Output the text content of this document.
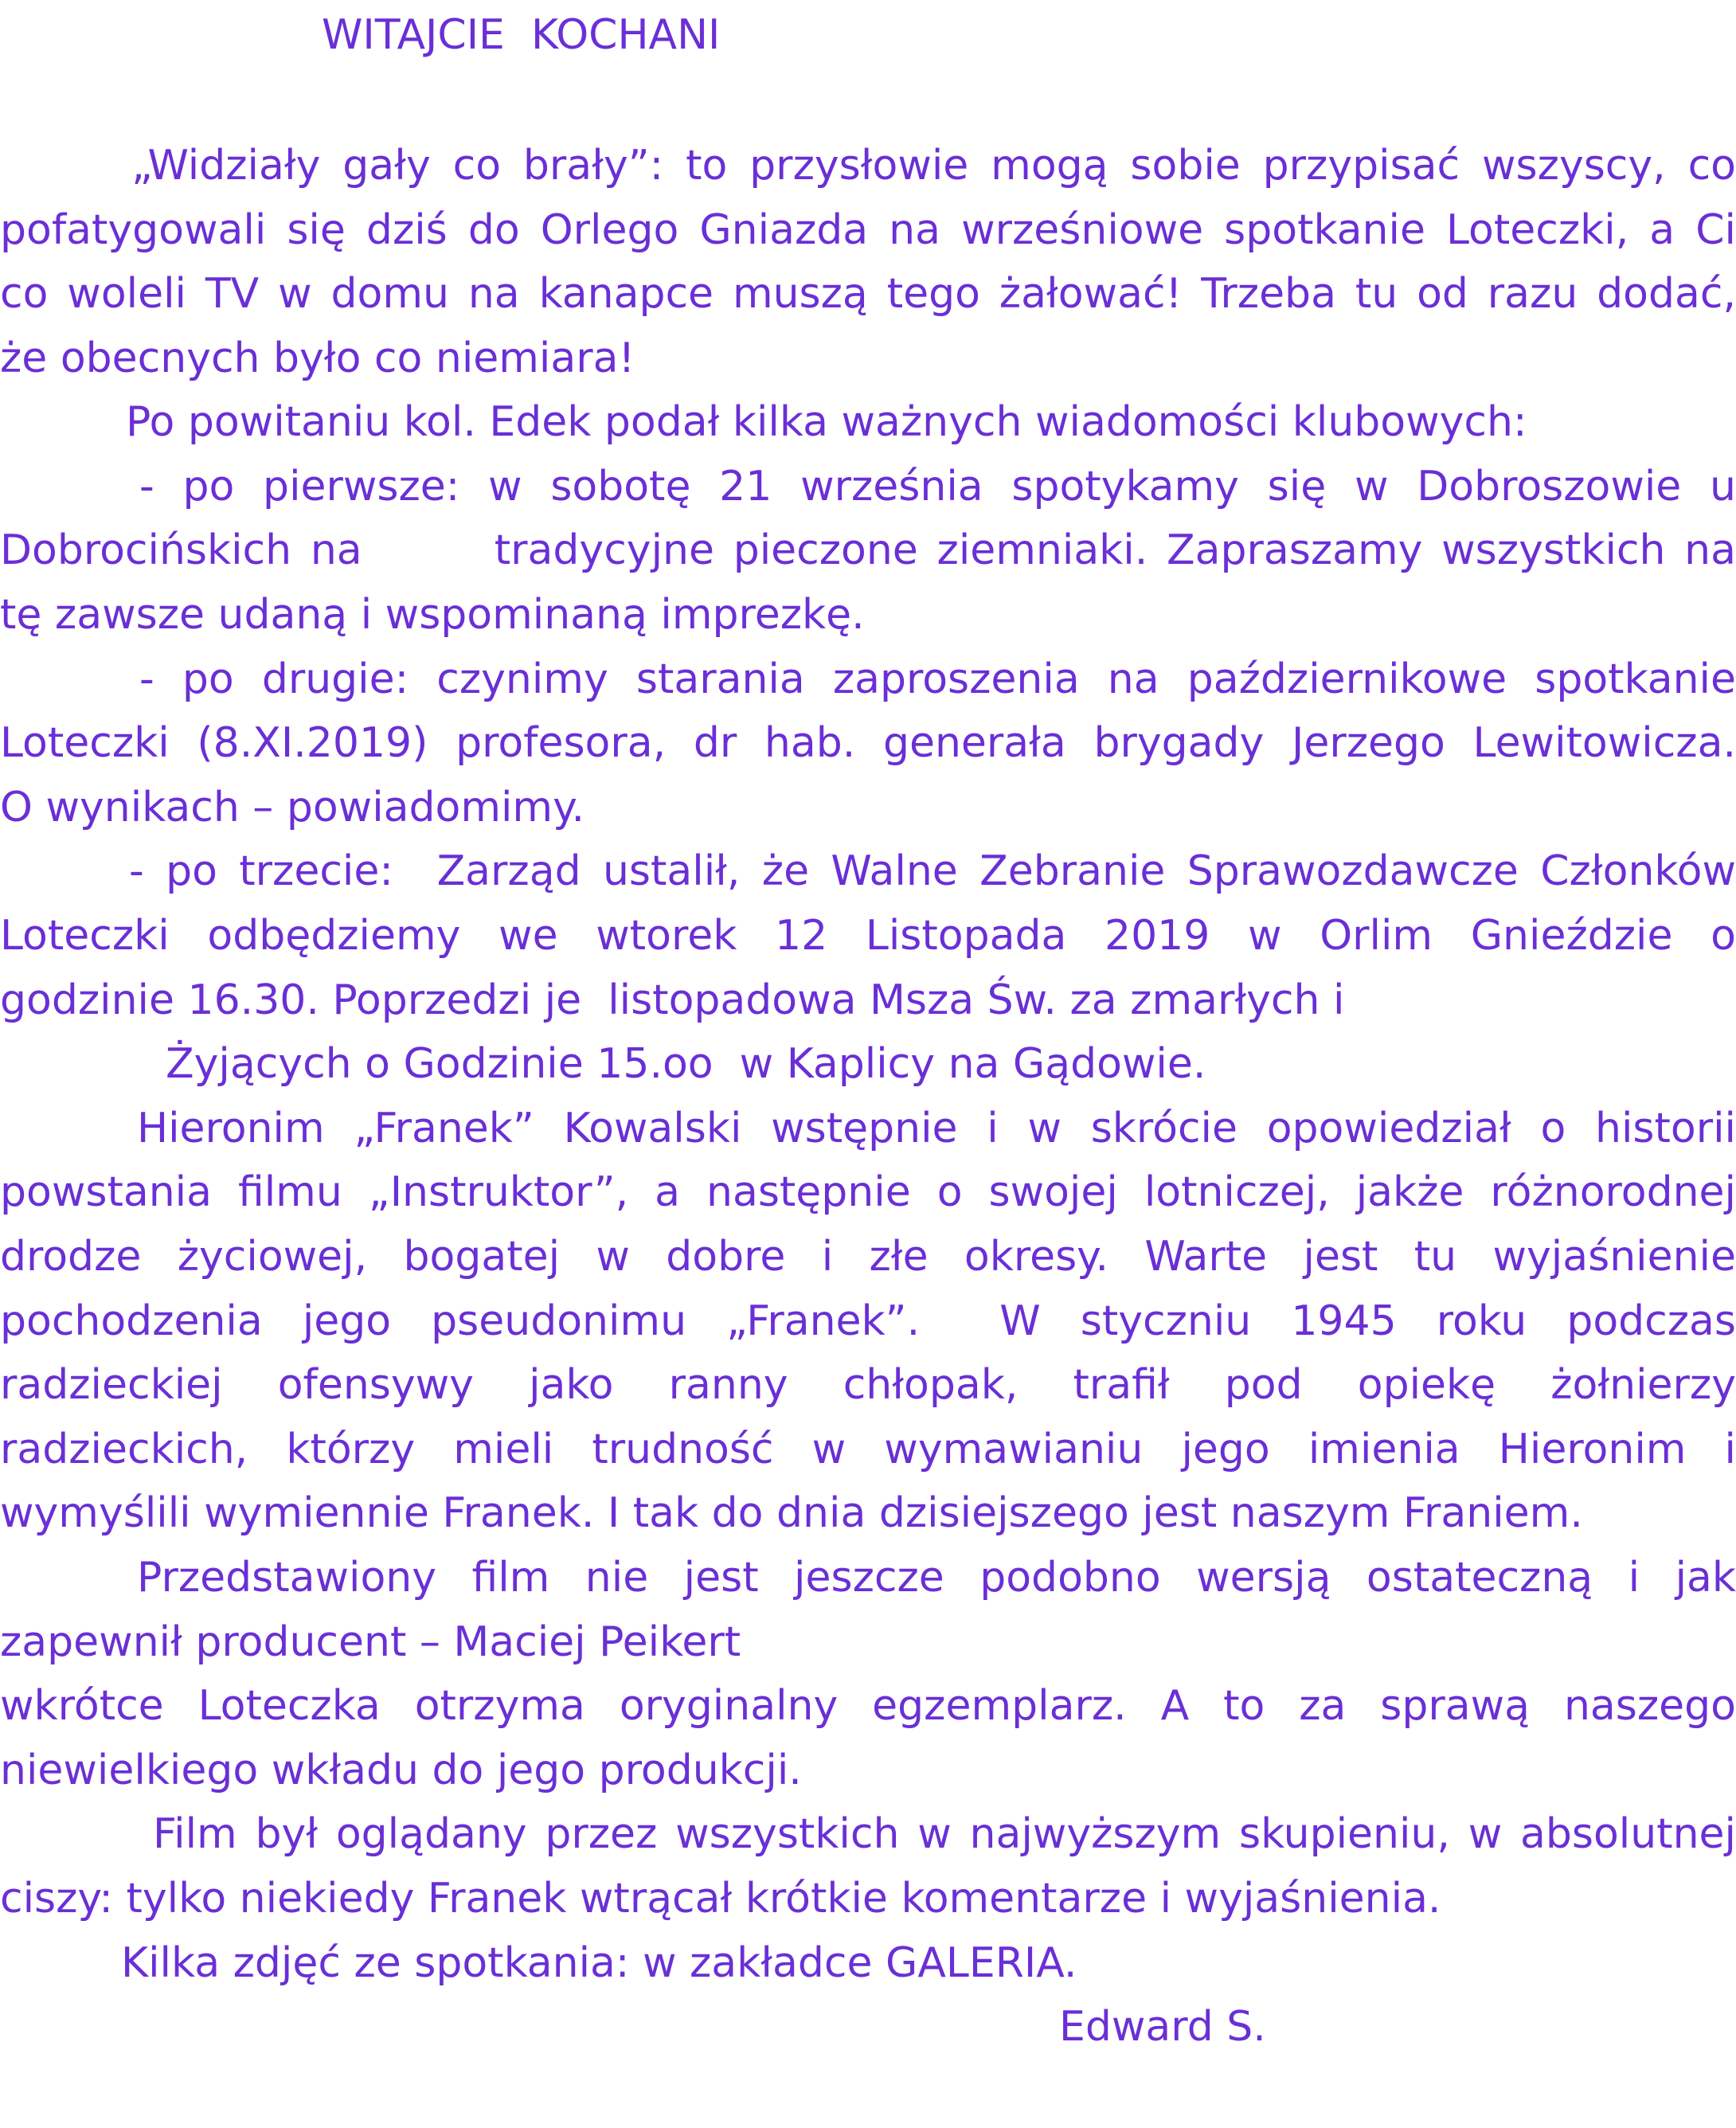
WITAJCIE  KOCHANI
„Widziały gały co brały”: to przysłowie mogą sobie przypisać wszyscy, co
pofatygowali się dziś do Orlego Gniazda na wrześniowe spotkanie Loteczki, a Ci
co woleli TV w domu na kanapce muszą tego żałować! Trzeba tu od razu dodać,
że obecnych było co niemiara!
Po powitaniu kol. Edek podał kilka ważnych wiadomości klubowych:
- po pierwsze: w sobotę 21 września spotykamy się w Dobroszowie u
Dobrocińskich na       tradycyjne pieczone ziemniaki. Zapraszamy wszystkich na
tę zawsze udaną i wspominaną imprezkę.
- po drugie: czynimy starania zaproszenia na październikowe spotkanie
Loteczki (8.XI.2019) profesora, dr hab. generała brygady Jerzego Lewitowicza.
O wynikach – powiadomimy.
- po trzecie:  Zarząd ustalił, że Walne Zebranie Sprawozdawcze Członków
Loteczki odbędziemy we wtorek 12 Listopada 2019 w Orlim Gnieździe o
godzinie 16.30. Poprzedzi je  listopadowa Msza Św. za zmarłych i
Żyjących o Godzinie 15.oo  w Kaplicy na Gądowie.
Hieronim „Franek” Kowalski wstępnie i w skrócie opowiedział o historii
powstania filmu „Instruktor”, a następnie o swojej lotniczej, jakże różnorodnej
drodze życiowej, bogatej w dobre i złe okresy. Warte jest tu wyjaśnienie
pochodzenia jego pseudonimu „Franek”.  W styczniu 1945 roku podczas
radzieckiej ofensywy jako ranny chłopak, trafił pod opiekę żołnierzy
radzieckich, którzy mieli trudność w wymawianiu jego imienia Hieronim i
wymyślili wymiennie Franek. I tak do dnia dzisiejszego jest naszym Franiem.
Przedstawiony film nie jest jeszcze podobno wersją ostateczną i jak
zapewnił producent – Maciej Peikert
wkrótce Loteczka otrzyma oryginalny egzemplarz. A to za sprawą naszego
niewielkiego wkładu do jego produkcji.
Film był oglądany przez wszystkich w najwyższym skupieniu, w absolutnej
ciszy: tylko niekiedy Franek wtrącał krótkie komentarze i wyjaśnienia.
Kilka zdjęć ze spotkania: w zakładce GALERIA.
Edward S.
